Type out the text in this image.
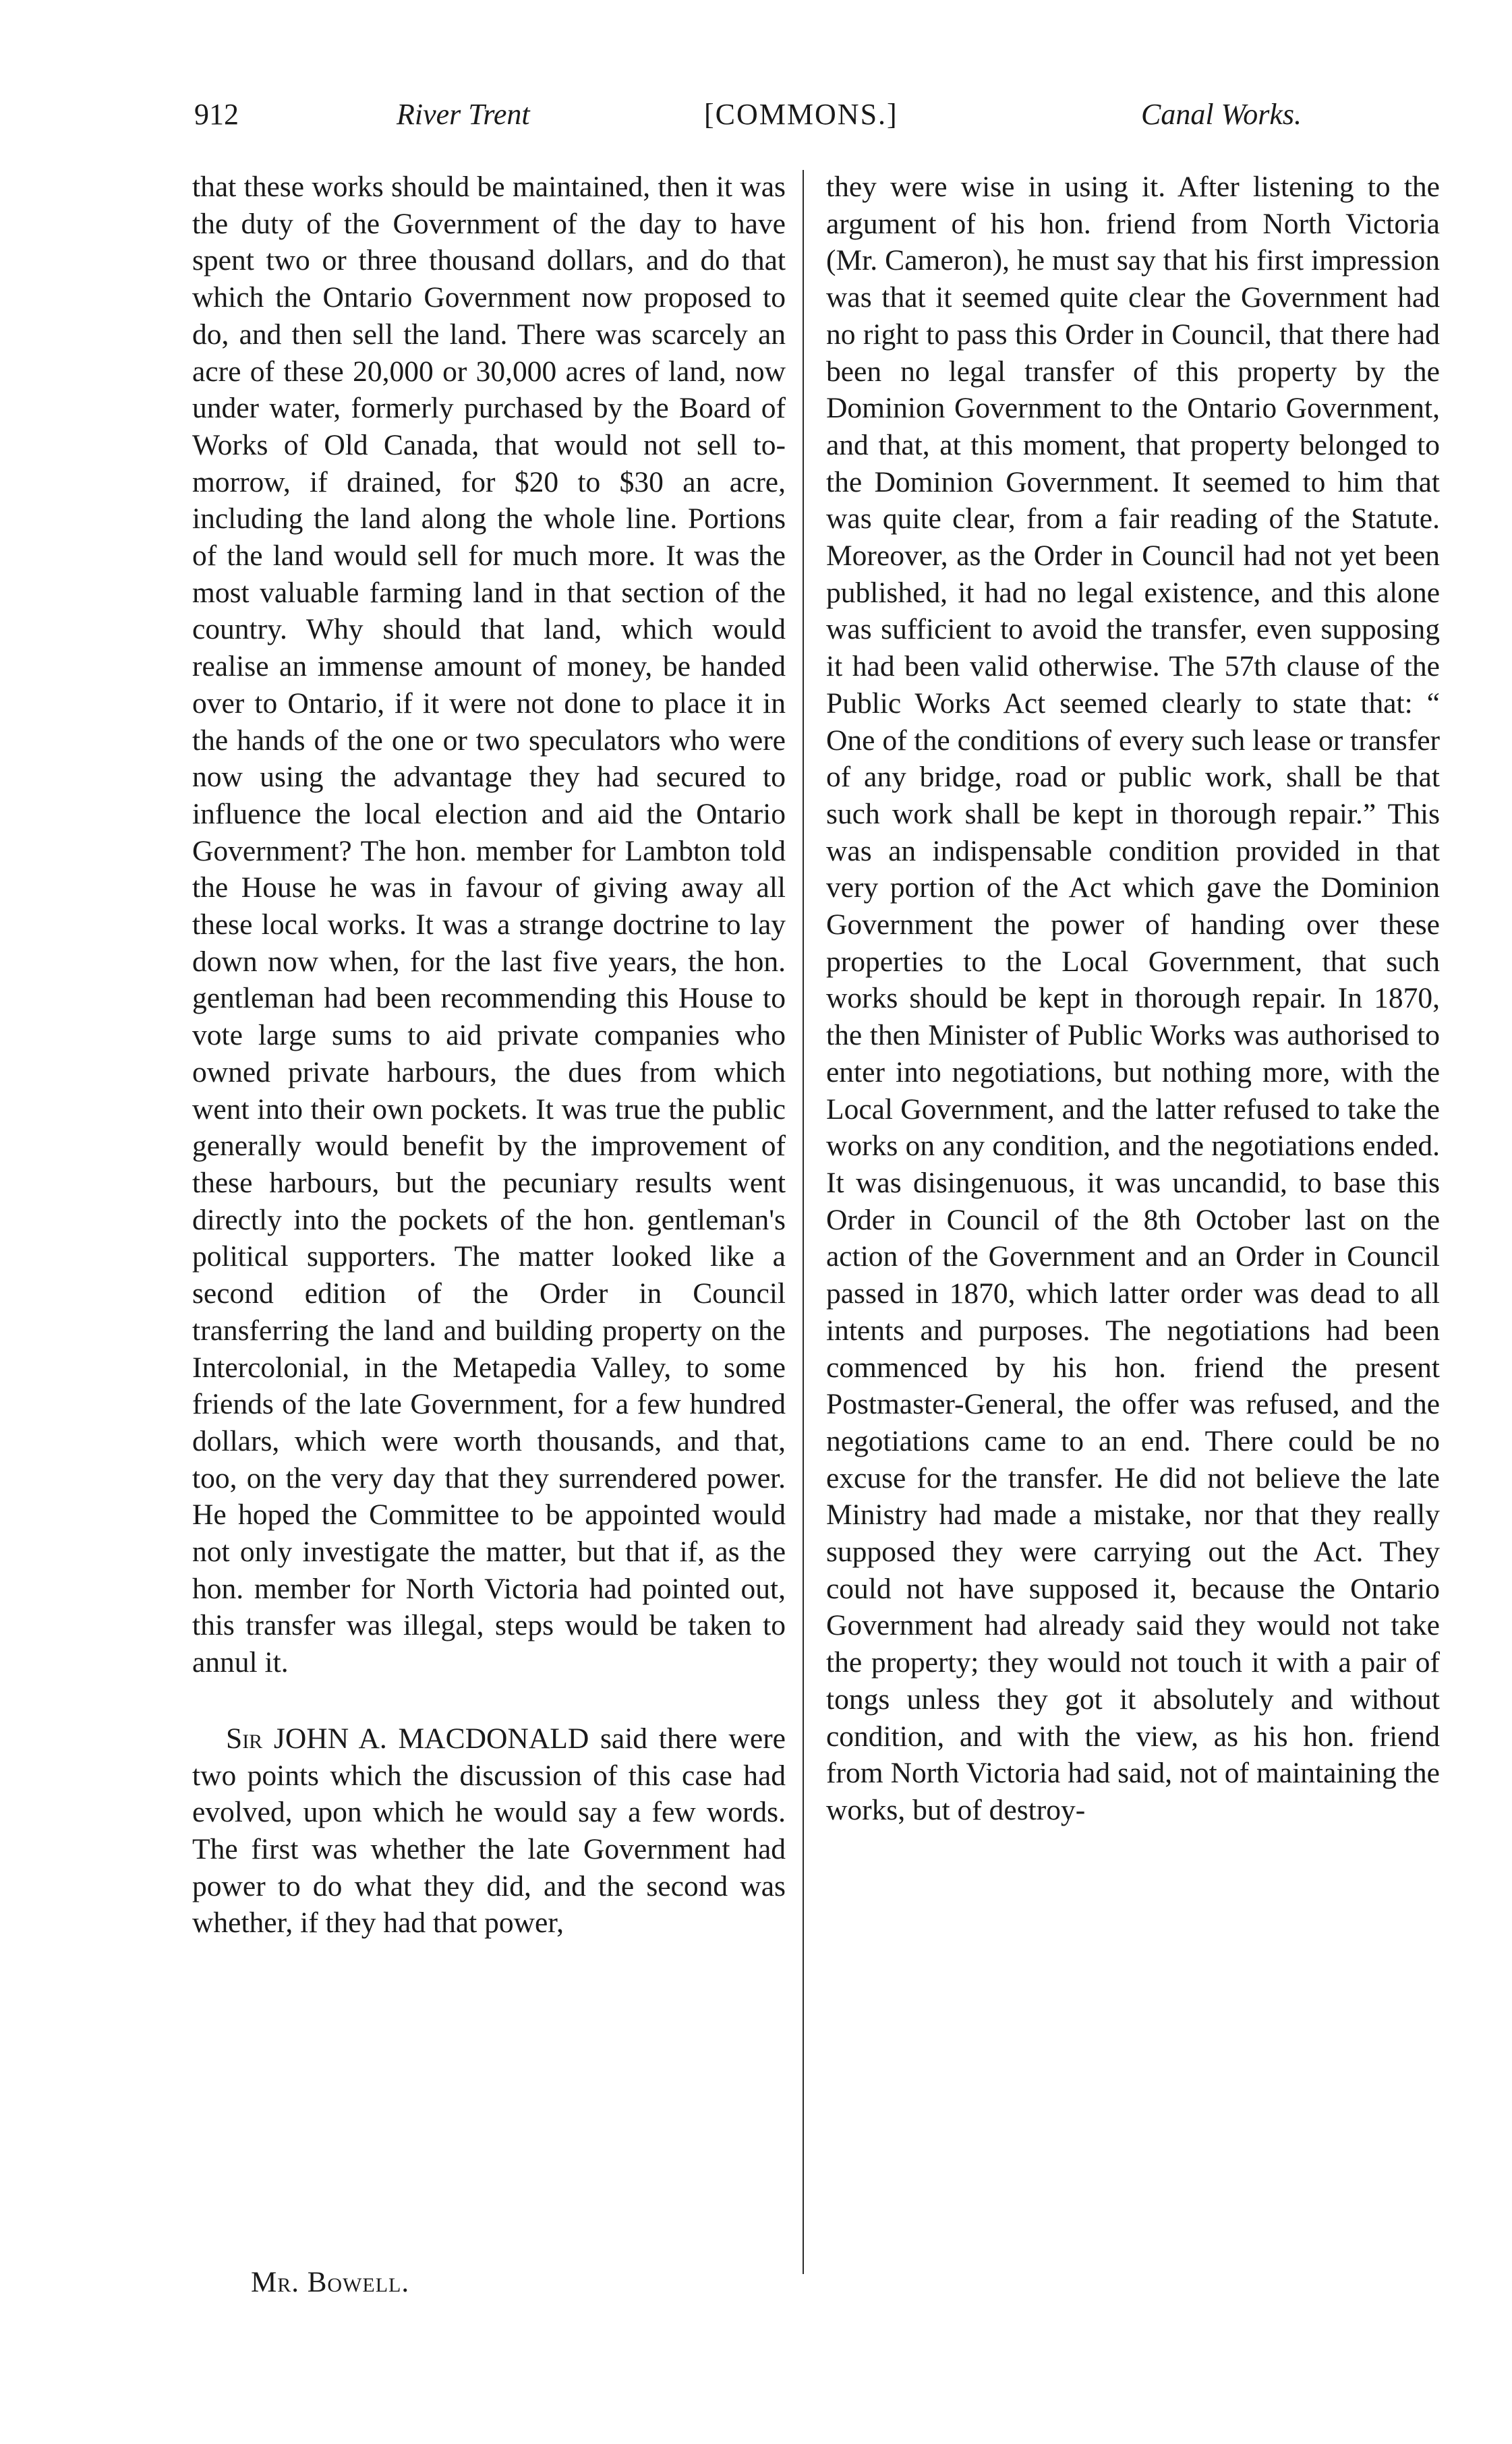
912	River Trent	[COMMONS.]	Canal Works.

that these works should be maintained, then it was the duty of the Government of the day to have spent two or three thousand dollars, and do that which the Ontario Government now proposed to do, and then sell the land. There was scarcely an acre of these 20,000 or 30,000 acres of land, now under water, formerly purchased by the Board of Works of Old Canada, that would not sell to-morrow, if drained, for $20 to $30 an acre, including the land along the whole line. Portions of the land would sell for much more. It was the most valuable farming land in that section of the country. Why should that land, which would realise an immense amount of money, be handed over to Ontario, if it were not done to place it in the hands of the one or two speculators who were now using the advantage they had secured to influence the local election and aid the Ontario Government? The hon. member for Lambton told the House he was in favour of giving away all these local works. It was a strange doctrine to lay down now when, for the last five years, the hon. gentleman had been recommending this House to vote large sums to aid private companies who owned private harbours, the dues from which went into their own pockets. It was true the public generally would benefit by the improvement of these harbours, but the pecuniary results went directly into the pockets of the hon. gentleman's political supporters. The matter looked like a second edition of the Order in Council transferring the land and building property on the Intercolonial, in the Metapedia Valley, to some friends of the late Government, for a few hundred dollars, which were worth thousands, and that, too, on the very day that they surrendered power. He hoped the Committee to be appointed would not only investigate the matter, but that if, as the hon. member for North Victoria had pointed out, this transfer was illegal, steps would be taken to annul it.

Sir JOHN A. MACDONALD said there were two points which the discussion of this case had evolved, upon which he would say a few words. The first was whether the late Government had power to do what they did, and the second was whether, if they had that power,

they were wise in using it. After listening to the argument of his hon. friend from North Victoria (Mr. Cameron), he must say that his first impression was that it seemed quite clear the Government had no right to pass this Order in Council, that there had been no legal transfer of this property by the Dominion Government to the Ontario Government, and that, at this moment, that property belonged to the Dominion Government. It seemed to him that was quite clear, from a fair reading of the Statute. Moreover, as the Order in Council had not yet been published, it had no legal existence, and this alone was sufficient to avoid the transfer, even supposing it had been valid otherwise. The 57th clause of the Public Works Act seemed clearly to state that: “ One of the conditions of every such lease or transfer of any bridge, road or public work, shall be that such work shall be kept in thorough repair.” This was an indispensable condition provided in that very portion of the Act which gave the Dominion Government the power of handing over these properties to the Local Government, that such works should be kept in thorough repair. In 1870, the then Minister of Public Works was authorised to enter into negotiations, but nothing more, with the Local Government, and the latter refused to take the works on any condition, and the negotiations ended. It was disingenuous, it was uncandid, to base this Order in Council of the 8th October last on the action of the Government and an Order in Council passed in 1870, which latter order was dead to all intents and purposes. The negotiations had been commenced by his hon. friend the present Postmaster-General, the offer was refused, and the negotiations came to an end. There could be no excuse for the transfer. He did not believe the late Ministry had made a mistake, nor that they really supposed they were carrying out the Act. They could not have supposed it, because the Ontario Government had already said they would not take the property; they would not touch it with a pair of tongs unless they got it absolutely and without condition, and with the view, as his hon. friend from North Victoria had said, not of maintaining the works, but of destroy-

Mr. Bowell.
